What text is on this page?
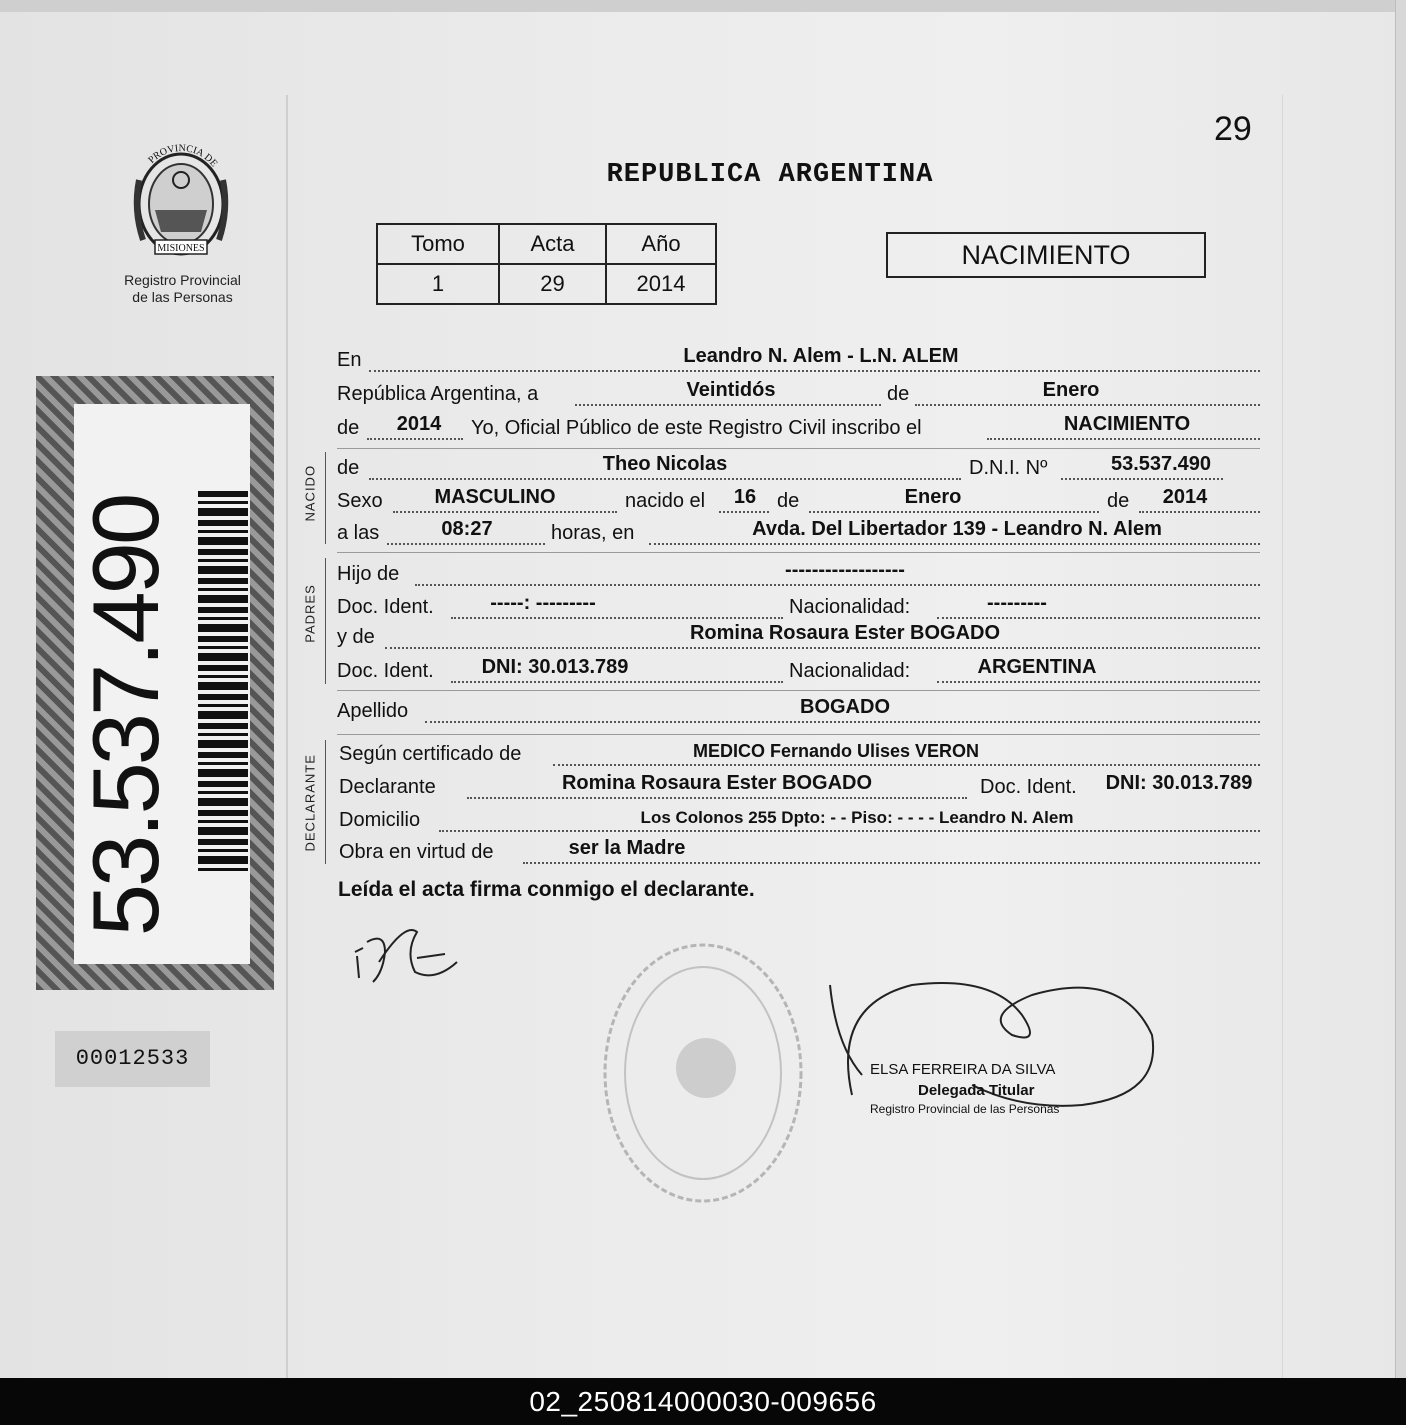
PROVINCIA DE
MISIONES
Registro Provincial
de las Personas
53.537.490
00012533
29
REPUBLICA ARGENTINA
Tomo	Acta	Año
1	29	2014
NACIMIENTO
En	Leandro N. Alem - L.N. ALEM
República Argentina, a	Veintidós	de	Enero
de 2014 Yo, Oficial Público de este Registro Civil inscribo el	NACIMIENTO
NACIDO de	Theo Nicolas	D.N.I. Nº	53.537.490
Sexo	MASCULINO	nacido el 16 de	Enero	de 2014
a las	08:27	horas, en	Avda. Del Libertador 139 - Leandro N. Alem
PADRES
Hijo de	------------------
Doc. Ident.	-----: ---------	Nacionalidad:	---------
y de	Romina Rosaura Ester BOGADO
Doc. Ident. DNI: 30.013.789	Nacionalidad:	ARGENTINA
Apellido	BOGADO
DECLARANTE
Según certificado de	MEDICO Fernando Ulises VERON
Declarante	Romina Rosaura Ester BOGADO	Doc. Ident. DNI: 30.013.789
Domicilio	Los Colonos 255 Dpto: - - Piso: - - - - Leandro N. Alem
Obra en virtud de	ser la Madre
Leída el acta firma conmigo el declarante.
ELSA FERREIRA DA SILVA
Delegada Titular
Registro Provincial de las Personas
02_250814000030-009656
